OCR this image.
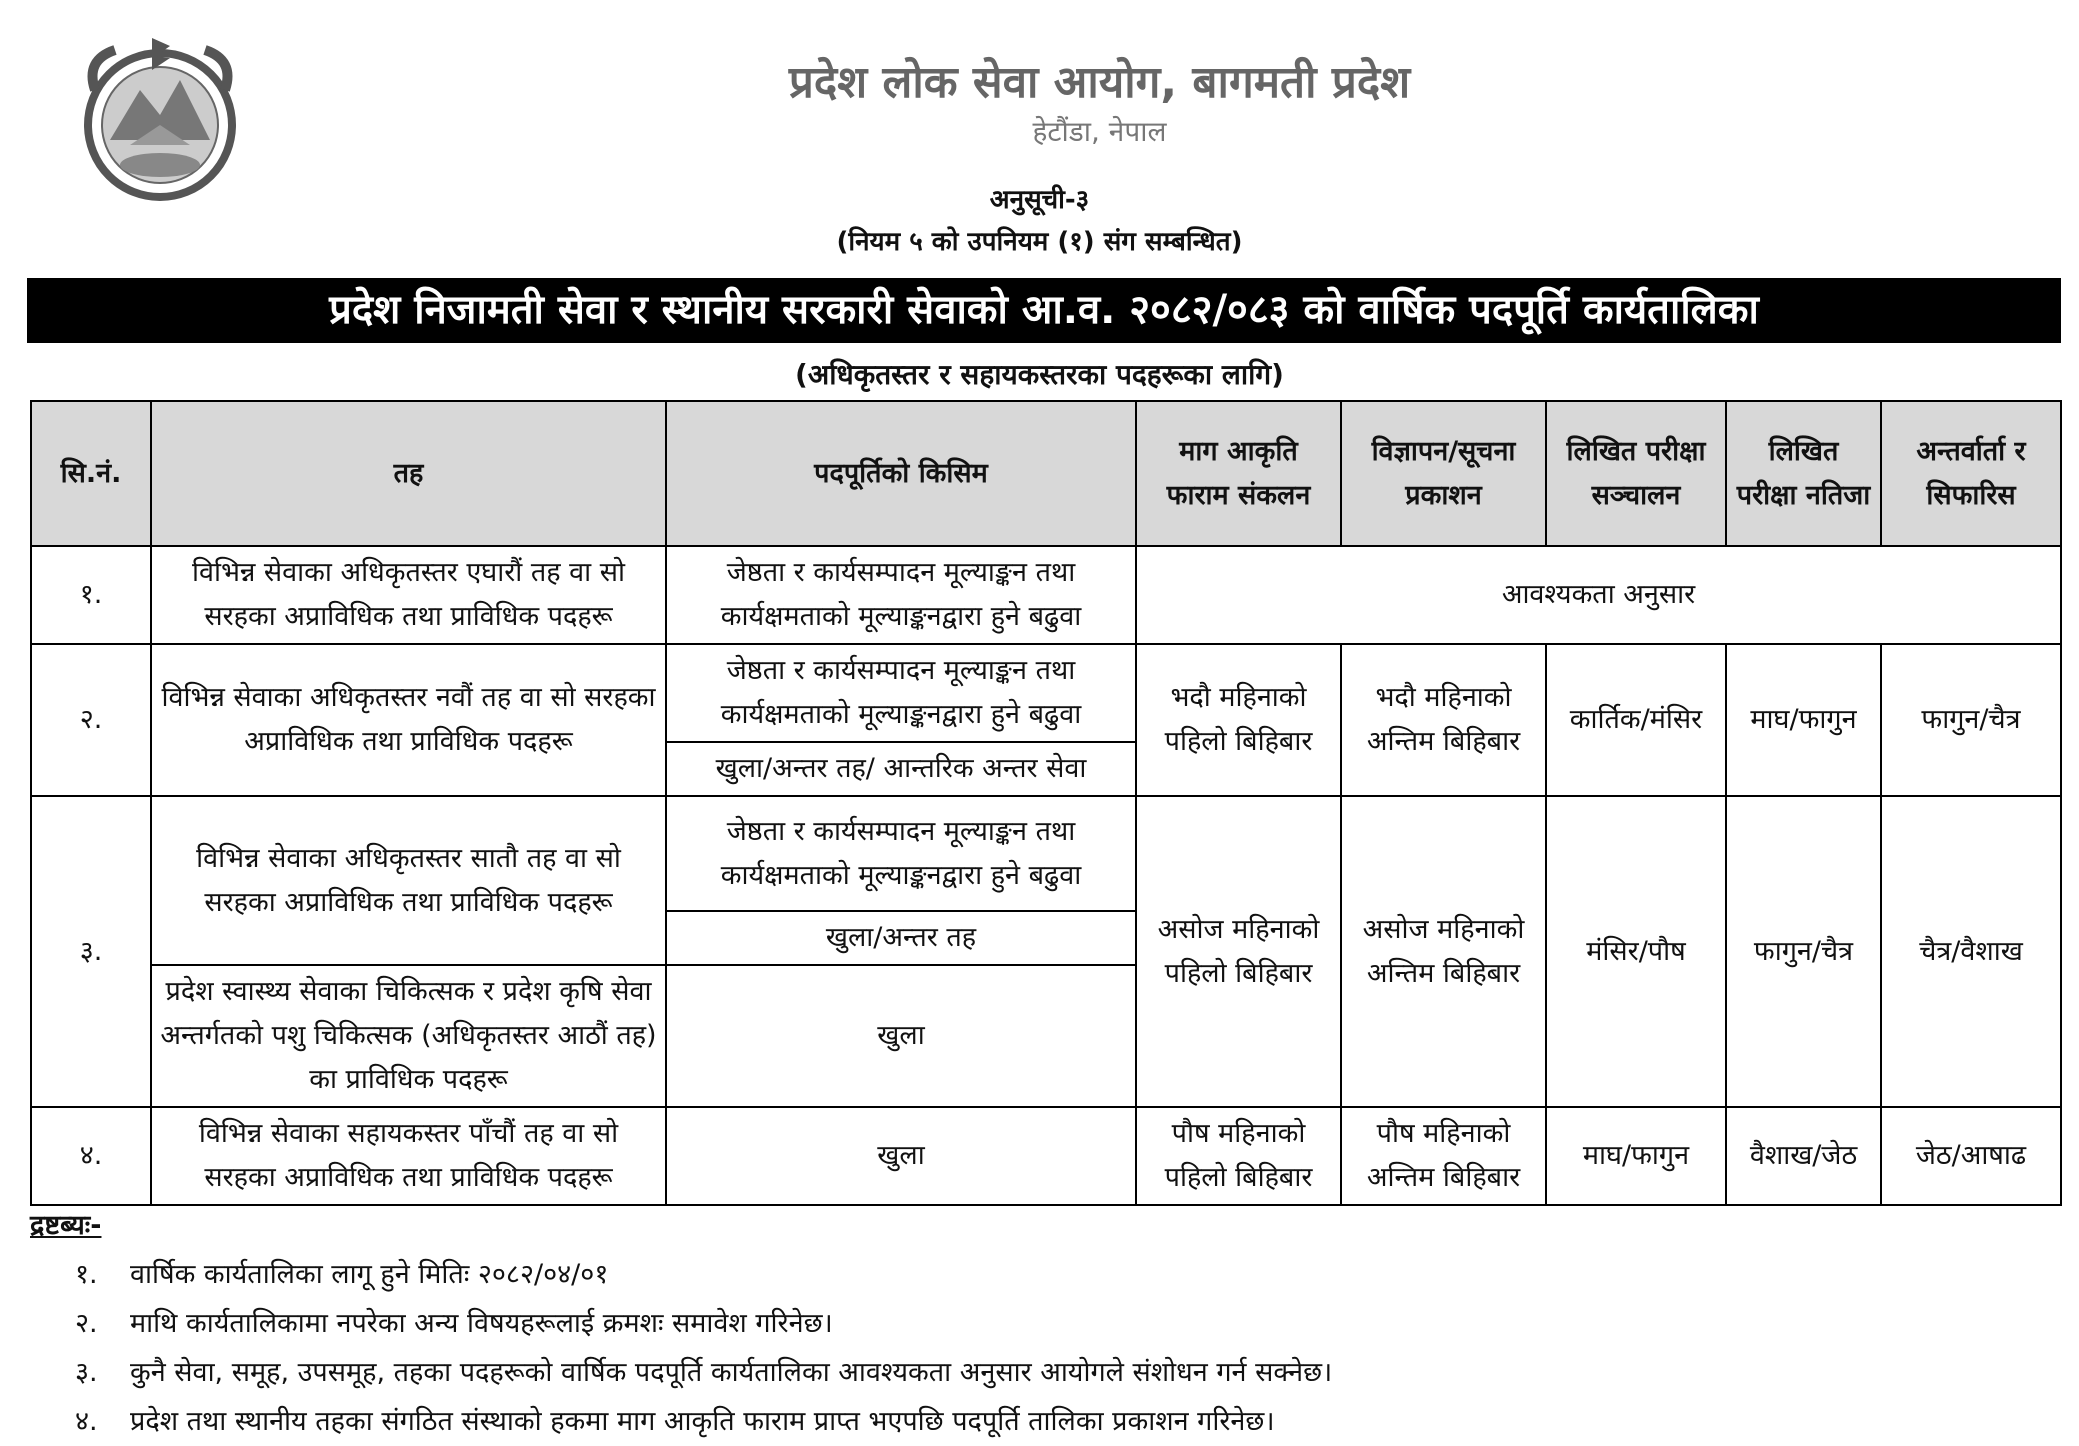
प्रदेश लोक सेवा आयोग, बागमती प्रदेश
हेटौंडा, नेपाल
अनुसूची-३
(नियम ५ को उपनियम (१) संग सम्बन्धित)
प्रदेश निजामती सेवा र स्थानीय सरकारी सेवाको आ.व. २०८२/०८३ को वार्षिक पदपूर्ति कार्यतालिका
(अधिकृतस्तर र सहायकस्तरका पदहरूका लागि)
सि.नं.	तह	पदपूर्तिको किसिम	माग आकृति फाराम संकलन	विज्ञापन/सूचना प्रकाशन	लिखित परीक्षा सञ्चालन	लिखित परीक्षा नतिजा	अन्तर्वार्ता र सिफारिस
१.	विभिन्न सेवाका अधिकृतस्तर एघारौं तह वा सो सरहका अप्राविधिक तथा प्राविधिक पदहरू	जेष्ठता र कार्यसम्पादन मूल्याङ्कन तथा कार्यक्षमताको मूल्याङ्कनद्वारा हुने बढुवा	आवश्यकता अनुसार				
२.	विभिन्न सेवाका अधिकृतस्तर नवौं तह वा सो सरहका अप्राविधिक तथा प्राविधिक पदहरू	जेष्ठता र कार्यसम्पादन मूल्याङ्कन तथा कार्यक्षमताको मूल्याङ्कनद्वारा हुने बढुवा	भदौ महिनाको पहिलो बिहिबार	भदौ महिनाको अन्तिम बिहिबार	कार्तिक/मंसिर	माघ/फागुन	फागुन/चैत्र
		खुला/अन्तर तह/ आन्तरिक अन्तर सेवा					
३.	विभिन्न सेवाका अधिकृतस्तर सातौ तह वा सो सरहका अप्राविधिक तथा प्राविधिक पदहरू	जेष्ठता र कार्यसम्पादन मूल्याङ्कन तथा कार्यक्षमताको मूल्याङ्कनद्वारा हुने बढुवा	असोज महिनाको पहिलो बिहिबार	असोज महिनाको अन्तिम बिहिबार	मंसिर/पौष	फागुन/चैत्र	चैत्र/वैशाख
		खुला/अन्तर तह					
	प्रदेश स्वास्थ्य सेवाका चिकित्सक र प्रदेश कृषि सेवा अन्तर्गतको पशु चिकित्सक (अधिकृतस्तर आठौं तह) का प्राविधिक पदहरू	खुला					
४.	विभिन्न सेवाका सहायकस्तर पाँचौं तह वा सो सरहका अप्राविधिक तथा प्राविधिक पदहरू	खुला	पौष महिनाको पहिलो बिहिबार	पौष महिनाको अन्तिम बिहिबार	माघ/फागुन	वैशाख/जेठ	जेठ/आषाढ
द्रष्टब्यः-
१. वार्षिक कार्यतालिका लागू हुने मितिः २०८२/०४/०१
२. माथि कार्यतालिकामा नपरेका अन्य विषयहरूलाई क्रमशः समावेश गरिनेछ।
३. कुनै सेवा, समूह, उपसमूह, तहका पदहरूको वार्षिक पदपूर्ति कार्यतालिका आवश्यकता अनुसार आयोगले संशोधन गर्न सक्नेछ।
४. प्रदेश तथा स्थानीय तहका संगठित संस्थाको हकमा माग आकृति फाराम प्राप्त भएपछि पदपूर्ति तालिका प्रकाशन गरिनेछ।
